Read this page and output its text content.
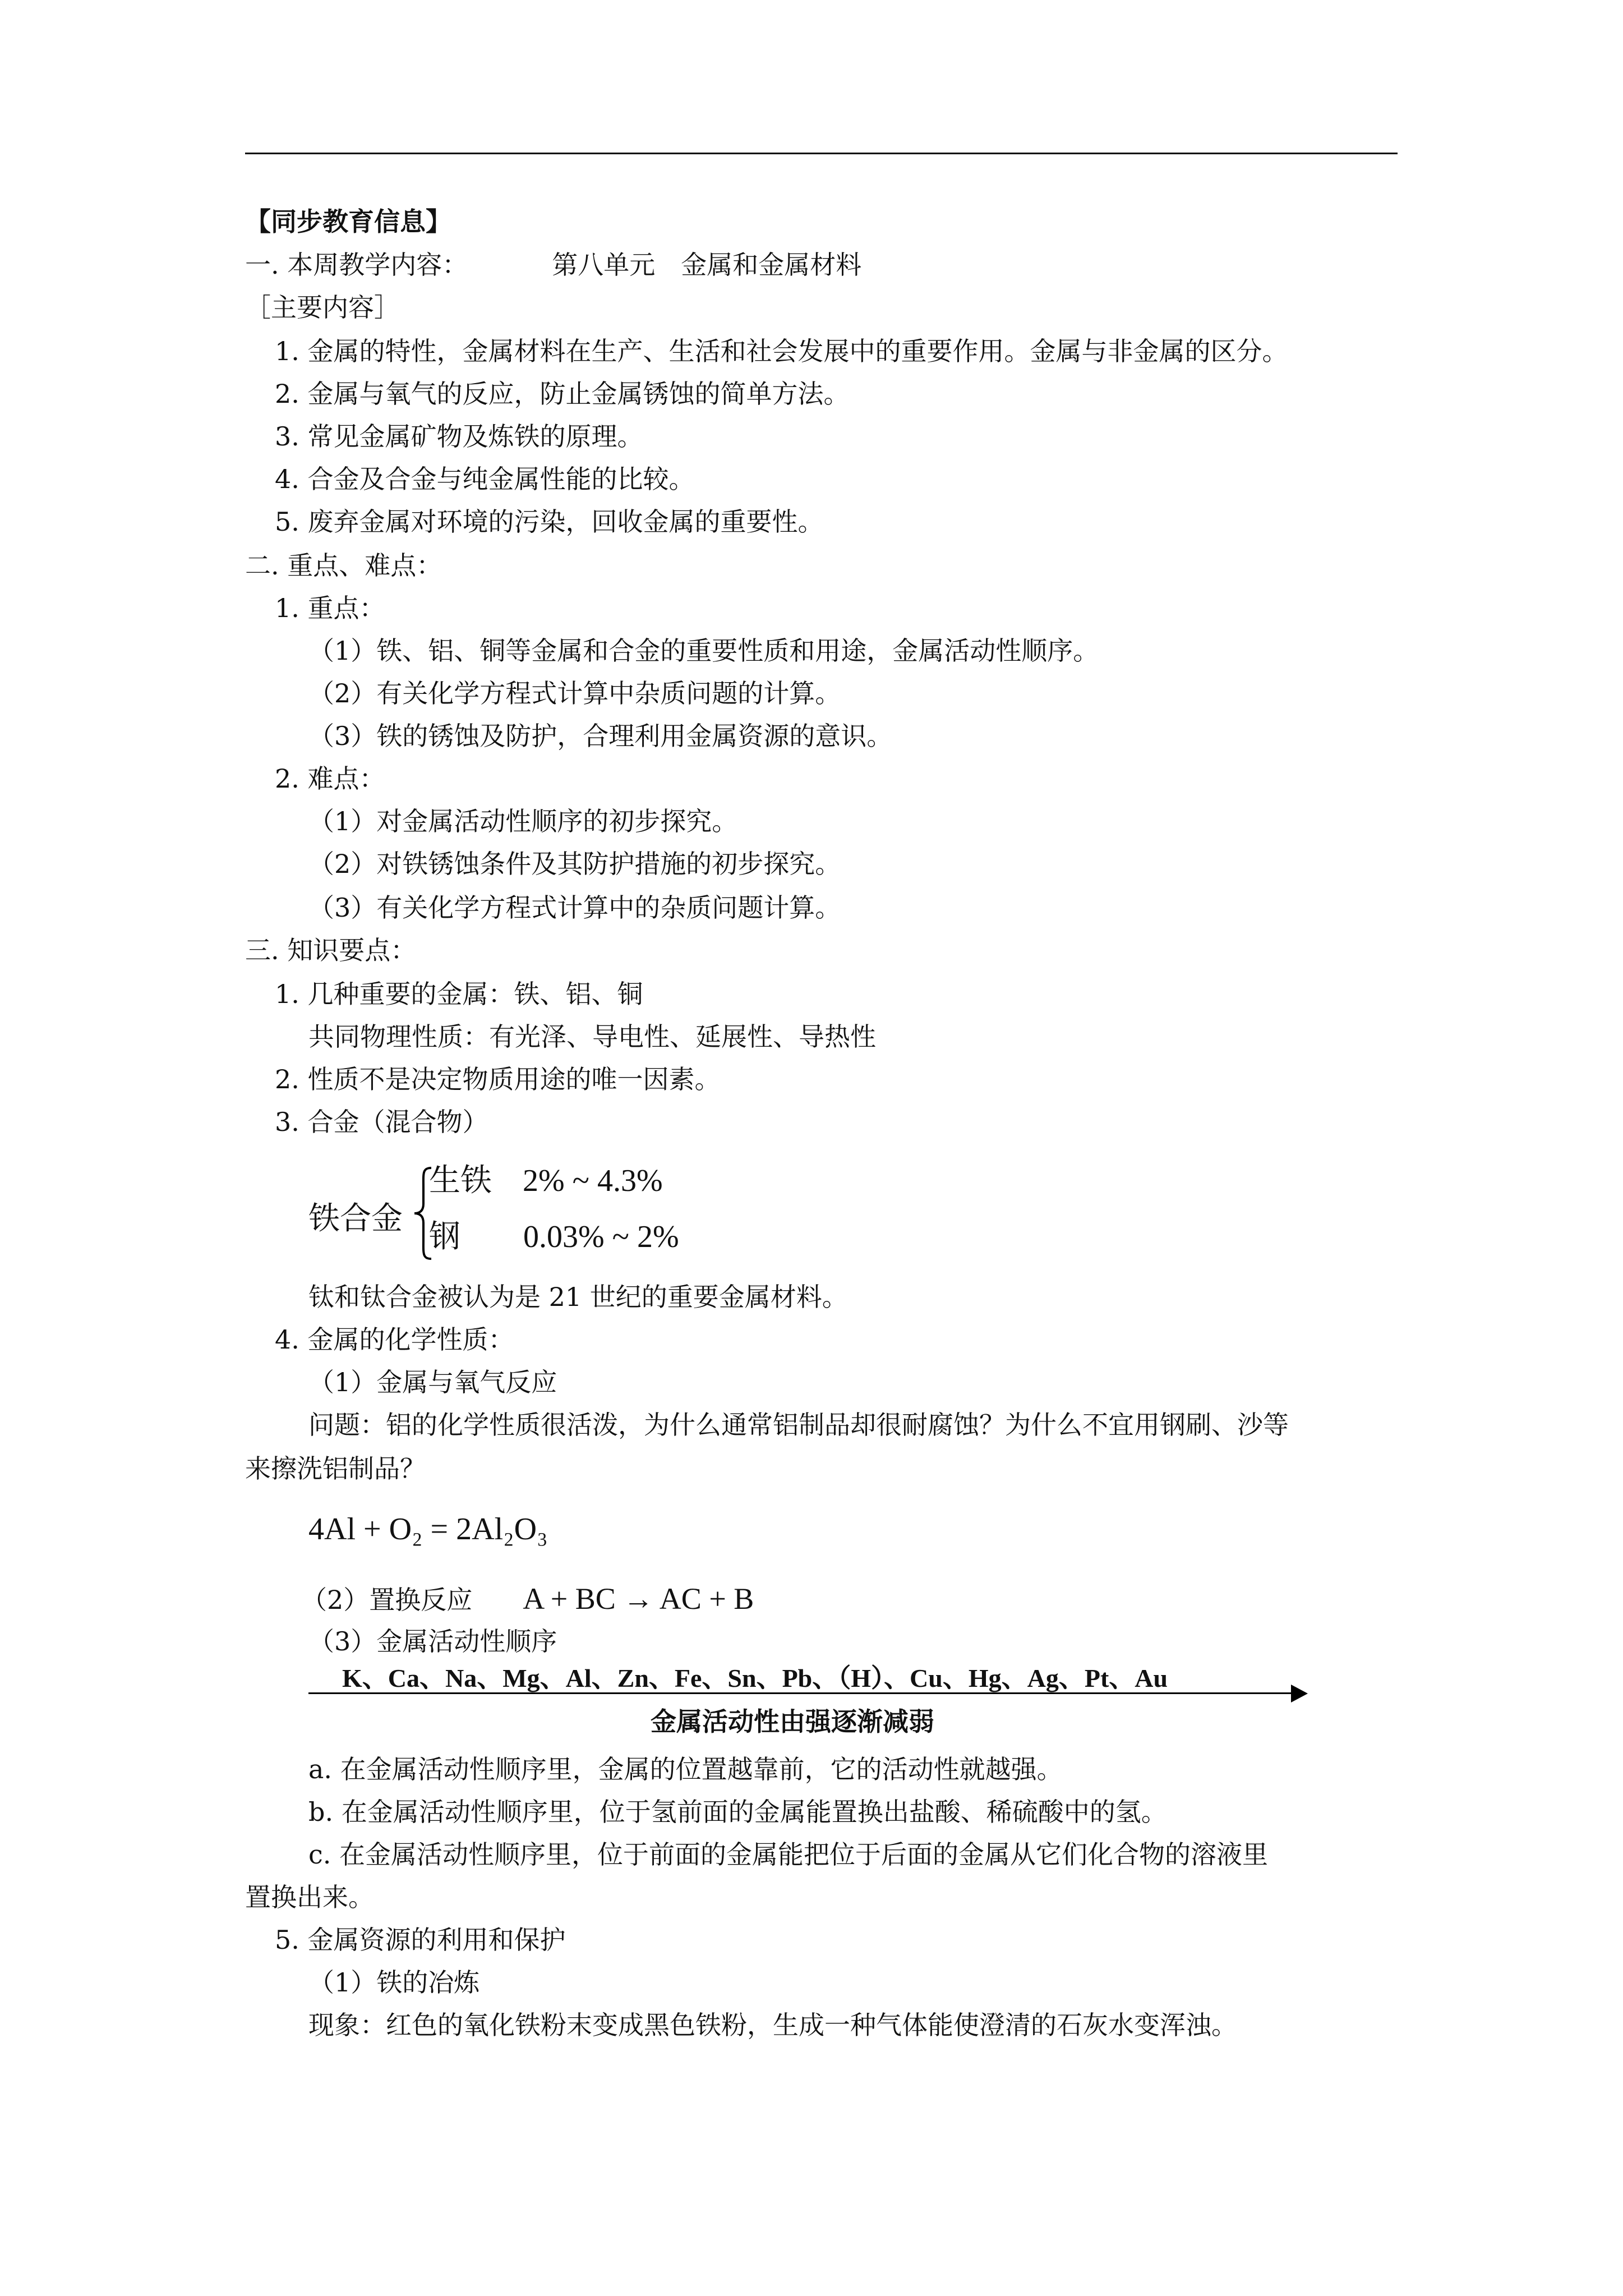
【同步教育信息】
一. 本周教学内容：	第八单元　金属和金属材料
［主要内容］
1. 金属的特性，金属材料在生产、生活和社会发展中的重要作用。金属与非金属的区分。
2. 金属与氧气的反应，防止金属锈蚀的简单方法。
3. 常见金属矿物及炼铁的原理。
4. 合金及合金与纯金属性能的比较。
5. 废弃金属对环境的污染，回收金属的重要性。
二. 重点、难点：
1. 重点：
（1）铁、铝、铜等金属和合金的重要性质和用途，金属活动性顺序。
（2）有关化学方程式计算中杂质问题的计算。
（3）铁的锈蚀及防护，合理利用金属资源的意识。
2. 难点：
（1）对金属活动性顺序的初步探究。
（2）对铁锈蚀条件及其防护措施的初步探究。
（3）有关化学方程式计算中的杂质问题计算。
三. 知识要点：
1. 几种重要的金属：铁、铝、铜
共同物理性质：有光泽、导电性、延展性、导热性
2. 性质不是决定物质用途的唯一因素。
3. 合金（混合物）
铁合金
生铁 2% ~ 4.3%
钢 0.03% ~ 2%
钛和钛合金被认为是 21 世纪的重要金属材料。
4. 金属的化学性质：
（1）金属与氧气反应
问题：铝的化学性质很活泼，为什么通常铝制品却很耐腐蚀？为什么不宜用钢刷、沙等
来擦洗铝制品？
4Al + O₂ = 2Al₂O₃
（2）置换反应 A + BC → AC + B
（3）金属活动性顺序
K、Ca、Na、Mg、Al、Zn、Fe、Sn、Pb、（H）、Cu、Hg、Ag、Pt、Au
金属活动性由强逐渐减弱
a. 在金属活动性顺序里，金属的位置越靠前，它的活动性就越强。
b. 在金属活动性顺序里，位于氢前面的金属能置换出盐酸、稀硫酸中的氢。
c. 在金属活动性顺序里，位于前面的金属能把位于后面的金属从它们化合物的溶液里
置换出来。
5. 金属资源的利用和保护
（1）铁的冶炼
现象：红色的氧化铁粉末变成黑色铁粉，生成一种气体能使澄清的石灰水变浑浊。
